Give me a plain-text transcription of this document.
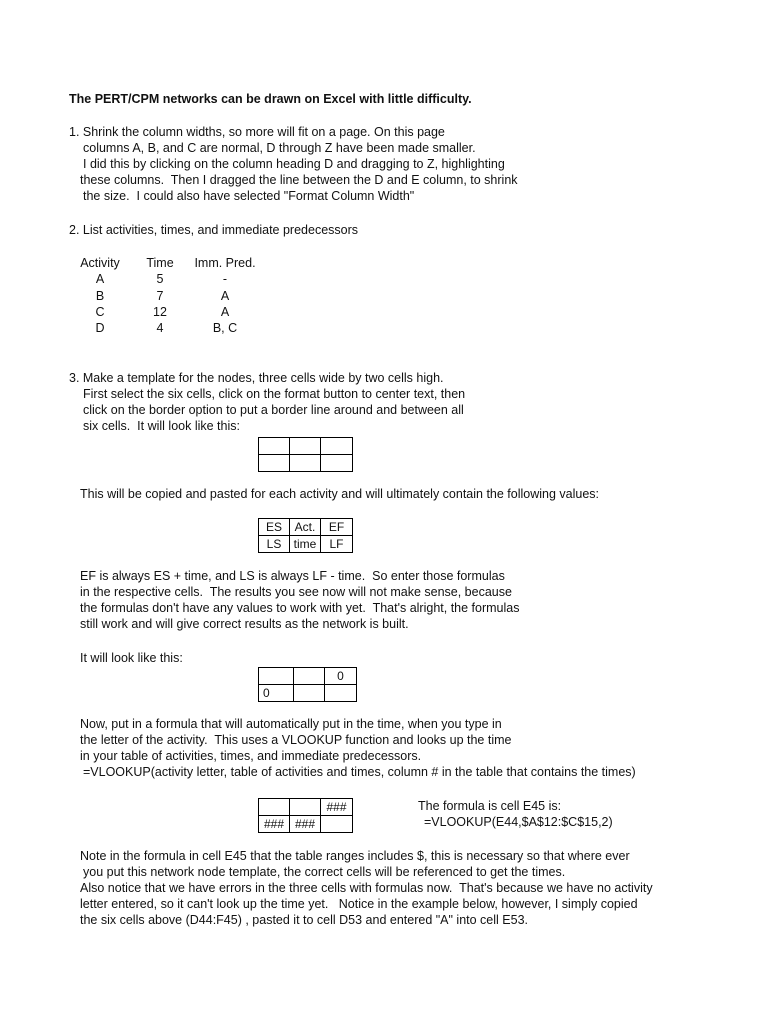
The PERT/CPM networks can be drawn on Excel with little difficulty.
1. Shrink the column widths, so more will fit on a page. On this page
columns A, B, and C are normal, D through Z have been made smaller.
I did this by clicking on the column heading D and dragging to Z, highlighting
these columns.  Then I dragged the line between the D and E column, to shrink
the size.  I could also have selected "Format Column Width"
2. List activities, times, and immediate predecessors
Activity	Time	Imm. Pred.
A	5	-
B	7	A
C	12	A
D	4	B, C
3. Make a template for the nodes, three cells wide by two cells high.
First select the six cells, click on the format button to center text, then
click on the border option to put a border line around and between all
six cells.  It will look like this:

This will be copied and pasted for each activity and will ultimately contain the following values:
ES	Act.	EF
LS	time	LF
EF is always ES + time, and LS is always LF - time.  So enter those formulas
in the respective cells.  The results you see now will not make sense, because
the formulas don't have any values to work with yet.  That's alright, the formulas
still work and will give correct results as the network is built.
It will look like this:
		0
0		
Now, put in a formula that will automatically put in the time, when you type in
the letter of the activity.  This uses a VLOOKUP function and looks up the time
in your table of activities, times, and immediate predecessors.
=VLOOKUP(activity letter, table of activities and times, column # in the table that contains the times)
		###
###	###	
The formula is cell E45 is:
=VLOOKUP(E44,$A$12:$C$15,2)
Note in the formula in cell E45 that the table ranges includes $, this is necessary so that where ever
you put this network node template, the correct cells will be referenced to get the times.
Also notice that we have errors in the three cells with formulas now.  That's because we have no activity
letter entered, so it can't look up the time yet.   Notice in the example below, however, I simply copied
the six cells above (D44:F45) , pasted it to cell D53 and entered "A" into cell E53.
